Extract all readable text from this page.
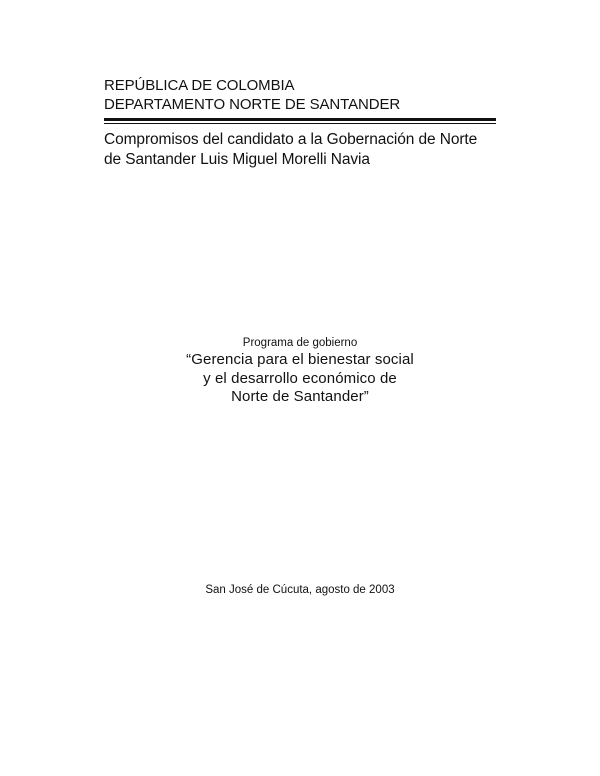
REPÚBLICA DE COLOMBIA
DEPARTAMENTO NORTE DE SANTANDER
Compromisos del candidato a la Gobernación de Norte
de Santander Luis Miguel Morelli Navia
Programa de gobierno
“Gerencia para el bienestar social
y el desarrollo económico de
Norte de Santander”
San José de Cúcuta, agosto de 2003
